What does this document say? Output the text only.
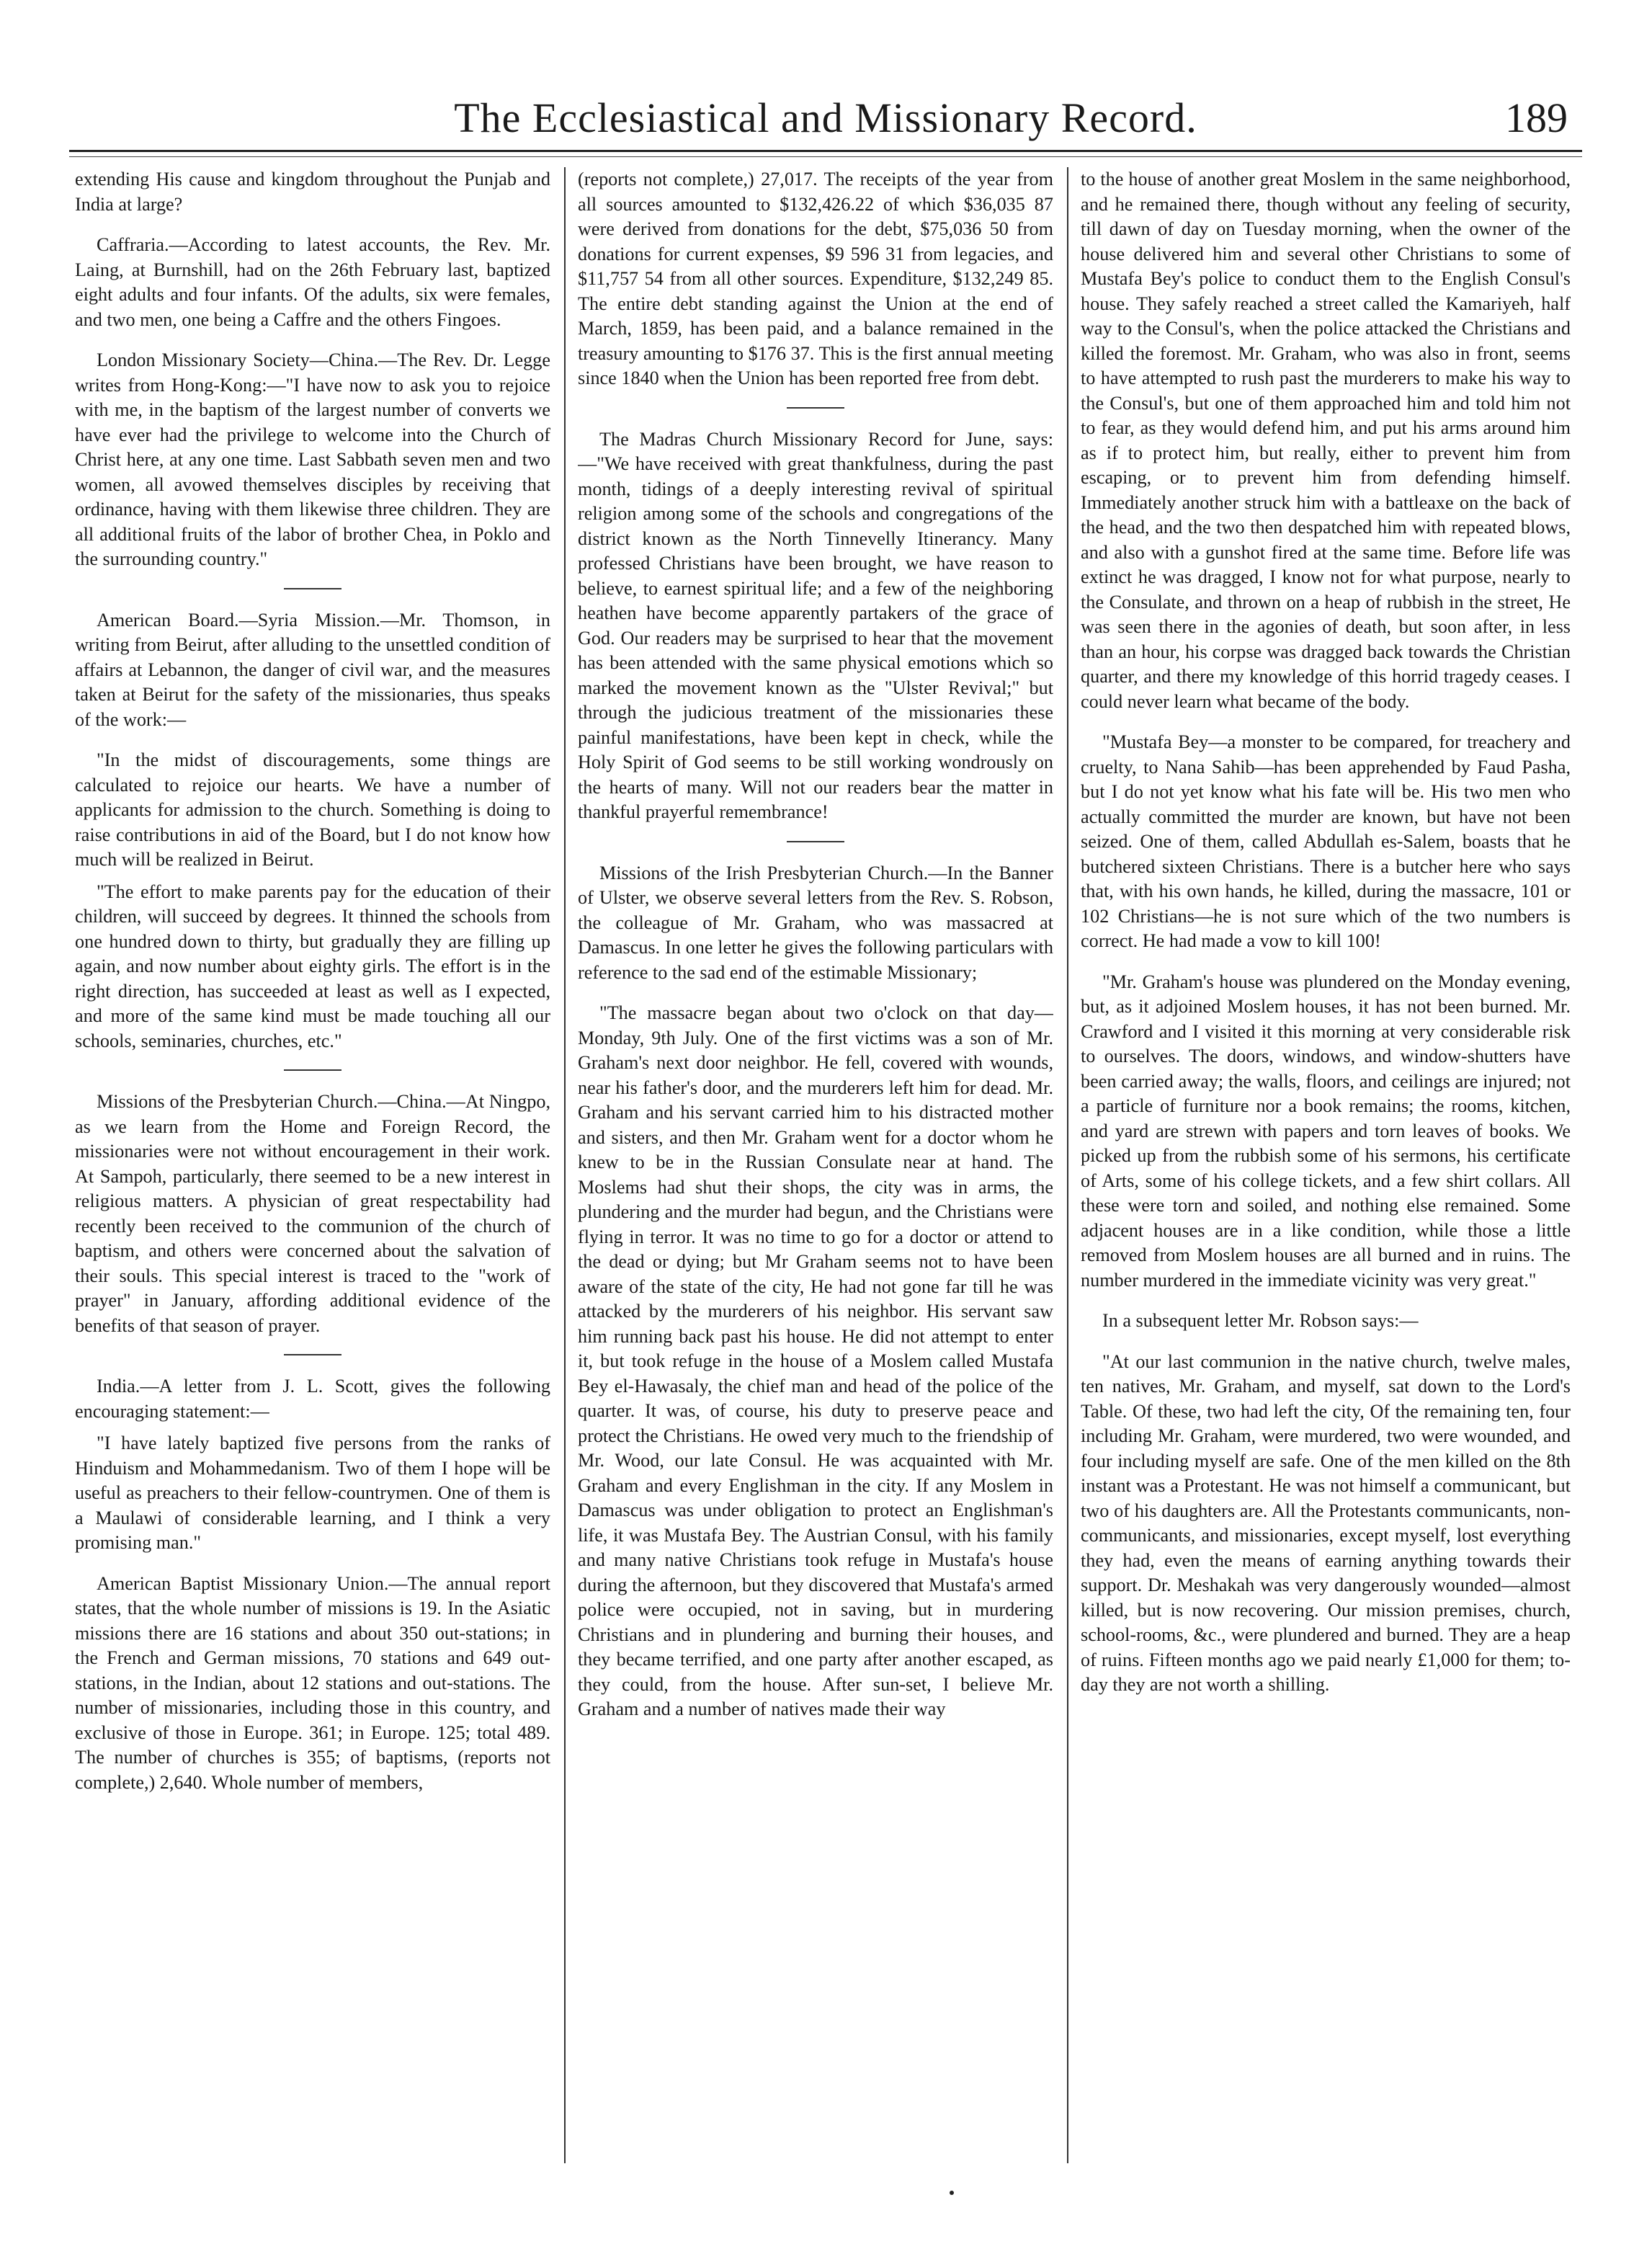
The Ecclesiastical and Missionary Record.	189

extending His cause and kingdom throughout the Punjab and India at large?

Caffraria.—According to latest accounts, the Rev. Mr. Laing, at Burnshill, had on the 26th February last, baptized eight adults and four infants. Of the adults, six were females, and two men, one being a Caffre and the others Fingoes.

London Missionary Society—China.—The Rev. Dr. Legge writes from Hong-Kong:—"I have now to ask you to rejoice with me, in the baptism of the largest number of converts we have ever had the privilege to welcome into the Church of Christ here, at any one time. Last Sabbath seven men and two women, all avowed themselves disciples by receiving that ordinance, having with them likewise three children. They are all additional fruits of the labor of brother Chea, in Poklo and the surrounding country."

American Board.—Syria Mission.—Mr. Thomson, in writing from Beirut, after alluding to the unsettled condition of affairs at Lebannon, the danger of civil war, and the measures taken at Beirut for the safety of the missionaries, thus speaks of the work:—

"In the midst of discouragements, some things are calculated to rejoice our hearts. We have a number of applicants for admission to the church. Something is doing to raise contributions in aid of the Board, but I do not know how much will be realized in Beirut.

"The effort to make parents pay for the education of their children, will succeed by degrees. It thinned the schools from one hundred down to thirty, but gradually they are filling up again, and now number about eighty girls. The effort is in the right direction, has succeeded at least as well as I expected, and more of the same kind must be made touching all our schools, seminaries, churches, etc."

Missions of the Presbyterian Church.—China.—At Ningpo, as we learn from the Home and Foreign Record, the missionaries were not without encouragement in their work. At Sampoh, particularly, there seemed to be a new interest in religious matters. A physician of great respectability had recently been received to the communion of the church of baptism, and others were concerned about the salvation of their souls. This special interest is traced to the "work of prayer" in January, affording additional evidence of the benefits of that season of prayer.

India.—A letter from J. L. Scott, gives the following encouraging statement:—

"I have lately baptized five persons from the ranks of Hinduism and Mohammedanism. Two of them I hope will be useful as preachers to their fellow-countrymen. One of them is a Maulawi of considerable learning, and I think a very promising man."

American Baptist Missionary Union.—The annual report states, that the whole number of missions is 19. In the Asiatic missions there are 16 stations and about 350 out-stations; in the French and German missions, 70 stations and 649 out-stations, in the Indian, about 12 stations and out-stations. The number of missionaries, including those in this country, and exclusive of those in Europe. 361; in Europe. 125; total 489. The number of churches is 355; of baptisms, (reports not complete,) 2,640. Whole number of members,

(reports not complete,) 27,017. The receipts of the year from all sources amounted to $132,426.22 of which $36,035 87 were derived from donations for the debt, $75,036 50 from donations for current expenses, $9 596 31 from legacies, and $11,757 54 from all other sources. Expenditure, $132,249 85. The entire debt standing against the Union at the end of March, 1859, has been paid, and a balance remained in the treasury amounting to $176 37. This is the first annual meeting since 1840 when the Union has been reported free from debt.

The Madras Church Missionary Record for June, says:—"We have received with great thankfulness, during the past month, tidings of a deeply interesting revival of spiritual religion among some of the schools and congregations of the district known as the North Tinnevelly Itinerancy. Many professed Christians have been brought, we have reason to believe, to earnest spiritual life; and a few of the neighboring heathen have become apparently partakers of the grace of God. Our readers may be surprised to hear that the movement has been attended with the same physical emotions which so marked the movement known as the "Ulster Revival;" but through the judicious treatment of the missionaries these painful manifestations, have been kept in check, while the Holy Spirit of God seems to be still working wondrously on the hearts of many. Will not our readers bear the matter in thankful prayerful remembrance!

Missions of the Irish Presbyterian Church.—In the Banner of Ulster, we observe several letters from the Rev. S. Robson, the colleague of Mr. Graham, who was massacred at Damascus. In one letter he gives the following particulars with reference to the sad end of the estimable Missionary;

"The massacre began about two o'clock on that day—Monday, 9th July. One of the first victims was a son of Mr. Graham's next door neighbor. He fell, covered with wounds, near his father's door, and the murderers left him for dead. Mr. Graham and his servant carried him to his distracted mother and sisters, and then Mr. Graham went for a doctor whom he knew to be in the Russian Consulate near at hand. The Moslems had shut their shops, the city was in arms, the plundering and the murder had begun, and the Christians were flying in terror. It was no time to go for a doctor or attend to the dead or dying; but Mr Graham seems not to have been aware of the state of the city, He had not gone far till he was attacked by the murderers of his neighbor. His servant saw him running back past his house. He did not attempt to enter it, but took refuge in the house of a Moslem called Mustafa Bey el-Hawasaly, the chief man and head of the police of the quarter. It was, of course, his duty to preserve peace and protect the Christians. He owed very much to the friendship of Mr. Wood, our late Consul. He was acquainted with Mr. Graham and every Englishman in the city. If any Moslem in Damascus was under obligation to protect an Englishman's life, it was Mustafa Bey. The Austrian Consul, with his family and many native Christians took refuge in Mustafa's house during the afternoon, but they discovered that Mustafa's armed police were occupied, not in saving, but in murdering Christians and in plundering and burning their houses, and they became terrified, and one party after another escaped, as they could, from the house. After sun-set, I believe Mr. Graham and a number of natives made their way

to the house of another great Moslem in the same neighborhood, and he remained there, though without any feeling of security, till dawn of day on Tuesday morning, when the owner of the house delivered him and several other Christians to some of Mustafa Bey's police to conduct them to the English Consul's house. They safely reached a street called the Kamariyeh, half way to the Consul's, when the police attacked the Christians and killed the foremost. Mr. Graham, who was also in front, seems to have attempted to rush past the murderers to make his way to the Consul's, but one of them approached him and told him not to fear, as they would defend him, and put his arms around him as if to protect him, but really, either to prevent him from escaping, or to prevent him from defending himself. Immediately another struck him with a battleaxe on the back of the head, and the two then despatched him with repeated blows, and also with a gunshot fired at the same time. Before life was extinct he was dragged, I know not for what purpose, nearly to the Consulate, and thrown on a heap of rubbish in the street, He was seen there in the agonies of death, but soon after, in less than an hour, his corpse was dragged back towards the Christian quarter, and there my knowledge of this horrid tragedy ceases. I could never learn what became of the body.

"Mustafa Bey—a monster to be compared, for treachery and cruelty, to Nana Sahib—has been apprehended by Faud Pasha, but I do not yet know what his fate will be. His two men who actually committed the murder are known, but have not been seized. One of them, called Abdullah es-Salem, boasts that he butchered sixteen Christians. There is a butcher here who says that, with his own hands, he killed, during the massacre, 101 or 102 Christians—he is not sure which of the two numbers is correct. He had made a vow to kill 100!

"Mr. Graham's house was plundered on the Monday evening, but, as it adjoined Moslem houses, it has not been burned. Mr. Crawford and I visited it this morning at very considerable risk to ourselves. The doors, windows, and window-shutters have been carried away; the walls, floors, and ceilings are injured; not a particle of furniture nor a book remains; the rooms, kitchen, and yard are strewn with papers and torn leaves of books. We picked up from the rubbish some of his sermons, his certificate of Arts, some of his college tickets, and a few shirt collars. All these were torn and soiled, and nothing else remained. Some adjacent houses are in a like condition, while those a little removed from Moslem houses are all burned and in ruins. The number murdered in the immediate vicinity was very great."

In a subsequent letter Mr. Robson says:—

"At our last communion in the native church, twelve males, ten natives, Mr. Graham, and myself, sat down to the Lord's Table. Of these, two had left the city, Of the remaining ten, four including Mr. Graham, were murdered, two were wounded, and four including myself are safe. One of the men killed on the 8th instant was a Protestant. He was not himself a communicant, but two of his daughters are. All the Protestants communicants, non-communicants, and missionaries, except myself, lost everything they had, even the means of earning anything towards their support. Dr. Meshakah was very dangerously wounded—almost killed, but is now recovering. Our mission premises, church, school-rooms, &c., were plundered and burned. They are a heap of ruins. Fifteen months ago we paid nearly £1,000 for them; to-day they are not worth a shilling.
